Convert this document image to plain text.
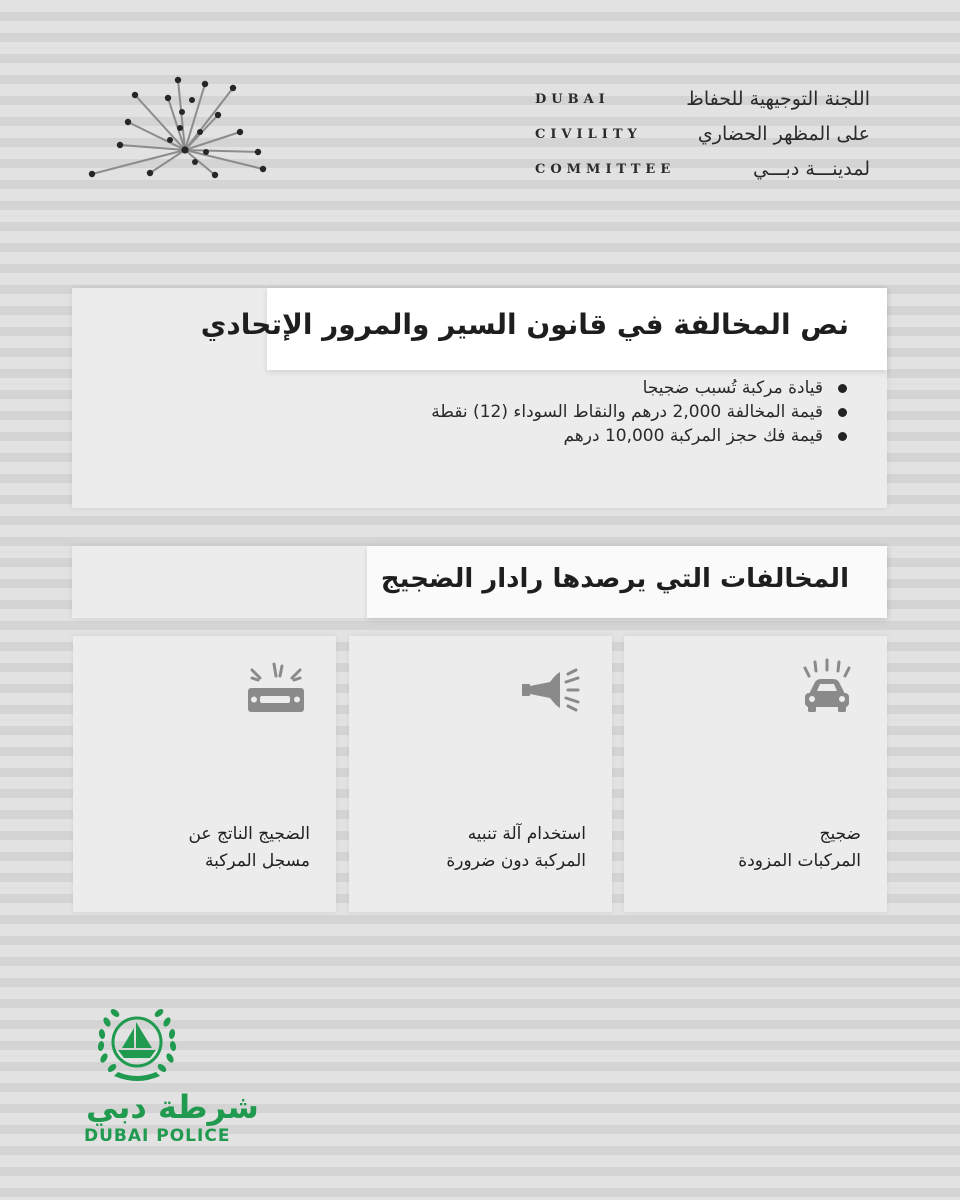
DUBAI
CIVILITY
COMMITTEE
اللجنة التوجيهية للحفاظ
على المظهر الحضاري
لمدينـــة دبـــي
نص المخالفة في قانون السير والمرور الإتحادي
قيادة مركبة تُسبب ضجيجا
قيمة المخالفة 2,000 درهم والنقاط السوداء (12) نقطة
قيمة فك حجز المركبة 10,000 درهم
المخالفات التي يرصدها رادار الضجيج
ضجيج
المركبات المزودة
استخدام آلة تنبيه
المركبة دون ضرورة
الضجيج الناتج عن
مسجل المركبة
شرطة دبي
DUBAI POLICE
